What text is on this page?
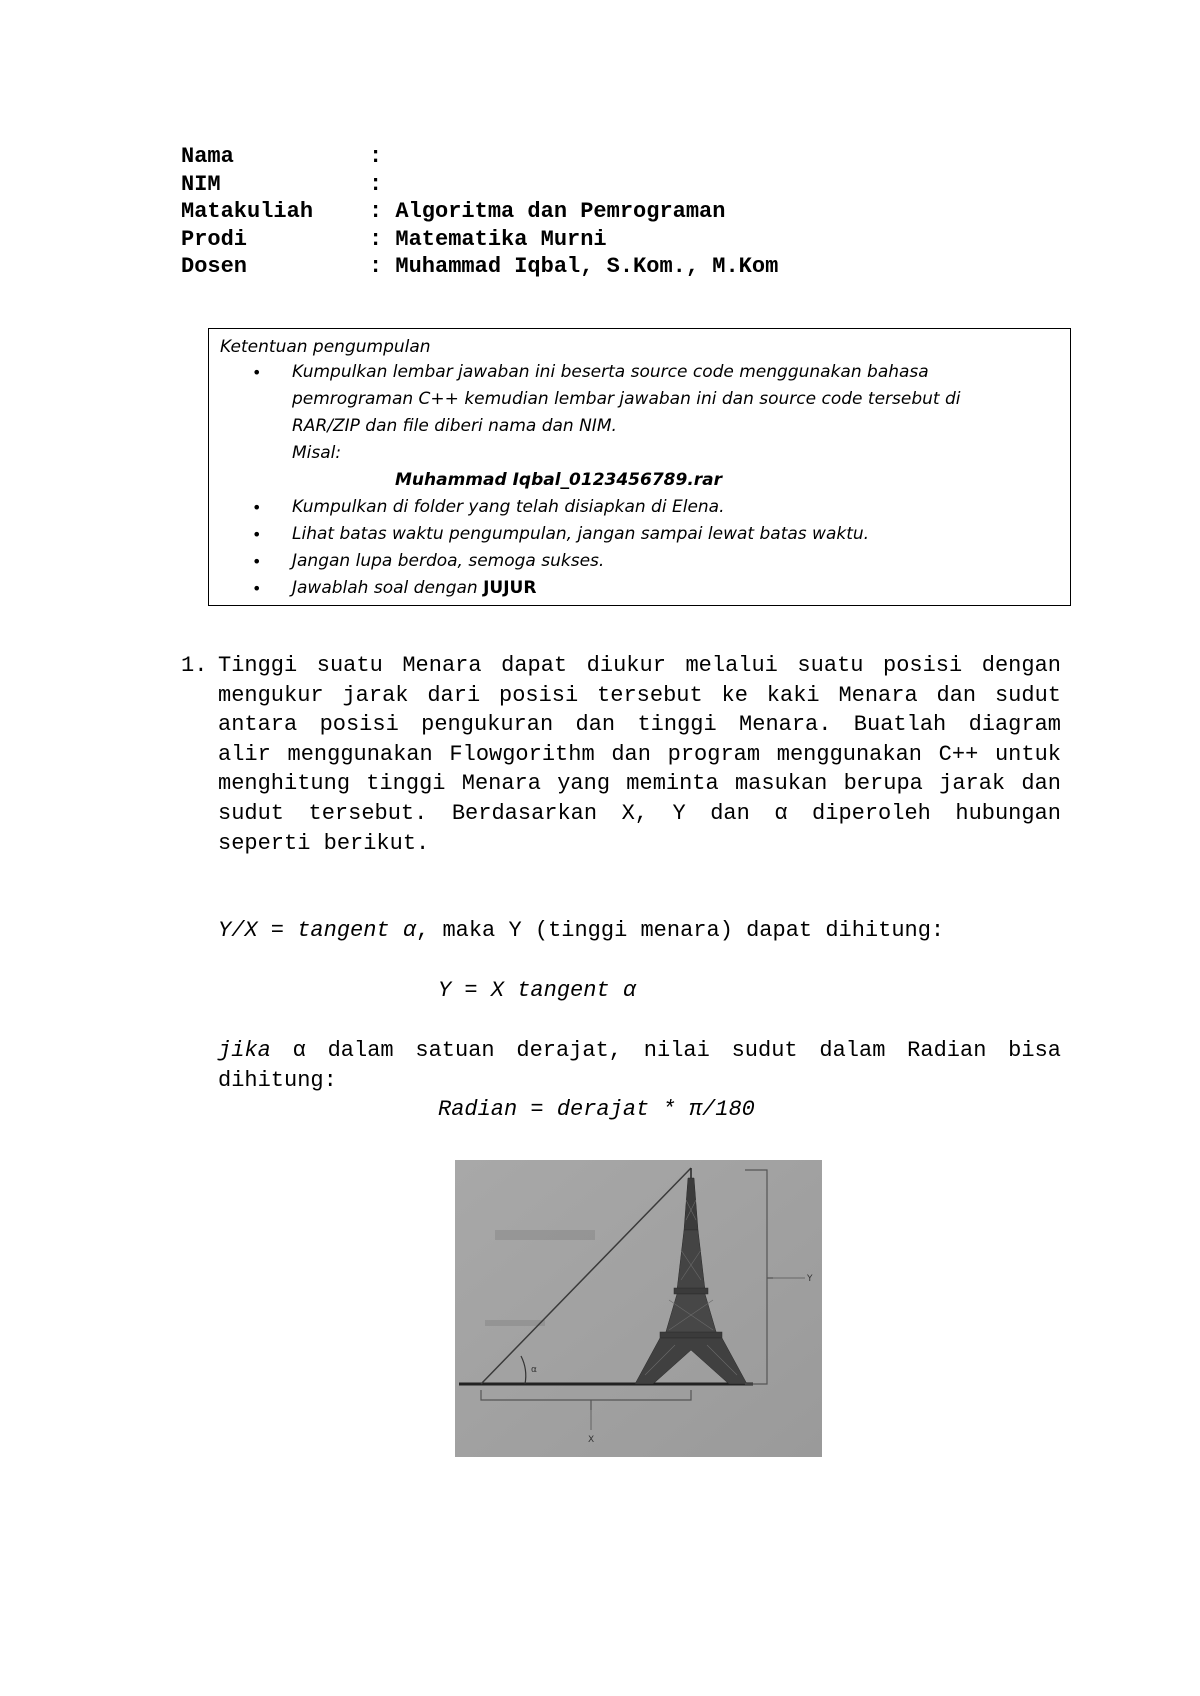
Nama	:
NIM	:
Matakuliah	: Algoritma dan Pemrograman
Prodi	: Matematika Murni
Dosen	: Muhammad Iqbal, S.Kom., M.Kom
Ketentuan pengumpulan
• Kumpulkan lembar jawaban ini beserta source code menggunakan bahasa
pemrograman C++ kemudian lembar jawaban ini dan source code tersebut di
RAR/ZIP dan file diberi nama dan NIM.
Misal:
Muhammad Iqbal_0123456789.rar
• Kumpulkan di folder yang telah disiapkan di Elena.
• Lihat batas waktu pengumpulan, jangan sampai lewat batas waktu.
• Jangan lupa berdoa, semoga sukses.
• Jawablah soal dengan JUJUR
1. Tinggi suatu Menara dapat diukur melalui suatu posisi dengan mengukur jarak dari posisi tersebut ke kaki Menara dan sudut antara posisi pengukuran dan tinggi Menara. Buatlah diagram alir menggunakan Flowgorithm dan program menggunakan C++ untuk menghitung tinggi Menara yang meminta masukan berupa jarak dan sudut tersebut. Berdasarkan X, Y dan α diperoleh hubungan seperti berikut.
Y/X = tangent α, maka Y (tinggi menara) dapat dihitung:
Y = X tangent α
jika α dalam satuan derajat, nilai sudut dalam Radian bisa dihitung:
Radian = derajat * π/180
α
Y
X
